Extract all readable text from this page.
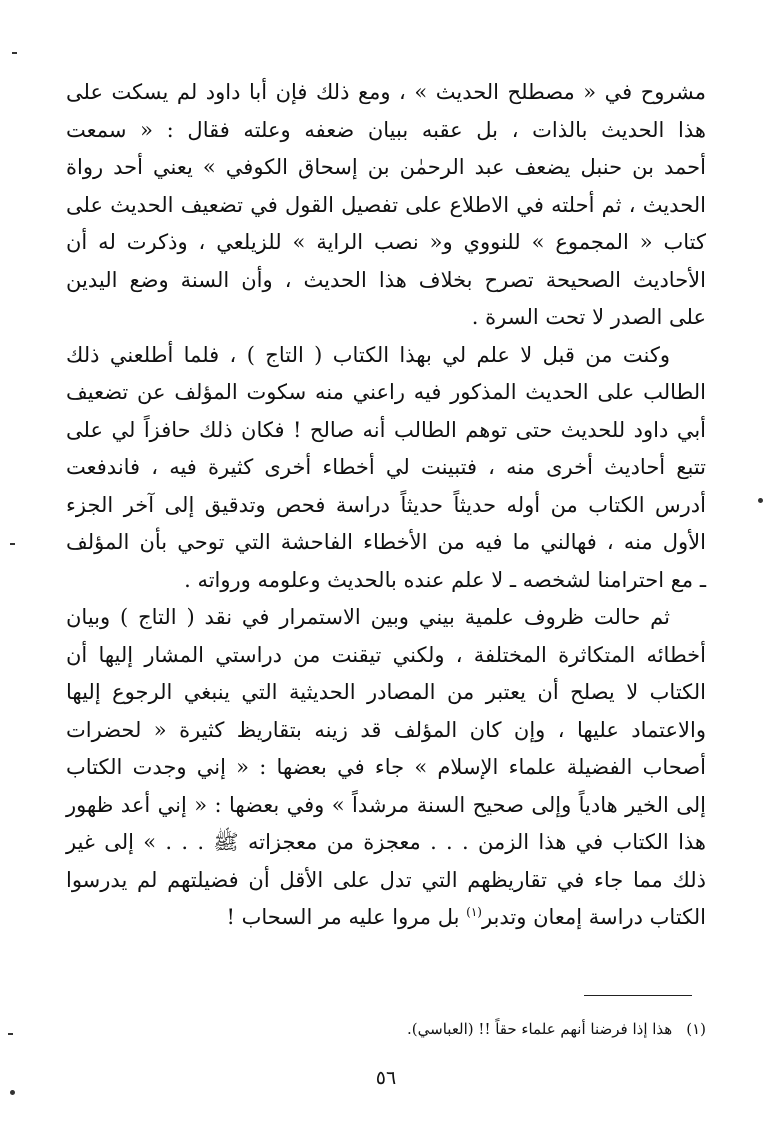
مشروح في « مصطلح الحديث » ، ومع ذلك فإن أبا داود لم يسكت على
هذا الحديث بالذات ، بل عقبه ببيان ضعفه وعلته فقال : « سمعت
أحمد بن حنبل يضعف عبد الرحمٰن بن إسحاق الكوفي » يعني أحد رواة
الحديث ، ثم أحلته في الاطلاع على تفصيل القول في تضعيف الحديث على
كتاب « المجموع » للنووي و« نصب الراية » للزيلعي ، وذكرت له أن
الأحاديث الصحيحة تصرح بخلاف هذا الحديث ، وأن السنة وضع اليدين
على الصدر لا تحت السرة .
وكنت من قبل لا علم لي بهذا الكتاب ( التاج ) ، فلما أطلعني ذلك
الطالب على الحديث المذكور فيه راعني منه سكوت المؤلف عن تضعيف
أبي داود للحديث حتى توهم الطالب أنه صالح ! فكان ذلك حافزاً لي على
تتبع أحاديث أخرى منه ، فتبينت لي أخطاء أخرى كثيرة فيه ، فاندفعت
أدرس الكتاب من أوله حديثاً حديثاً دراسة فحص وتدقيق إلى آخر الجزء
الأول منه ، فهالني ما فيه من الأخطاء الفاحشة التي توحي بأن المؤلف
ـ مع احترامنا لشخصه ـ لا علم عنده بالحديث وعلومه ورواته .
ثم حالت ظروف علمية بيني وبين الاستمرار في نقد ( التاج ) وبيان
أخطائه المتكاثرة المختلفة ، ولكني تيقنت من دراستي المشار إليها أن
الكتاب لا يصلح أن يعتبر من المصادر الحديثية التي ينبغي الرجوع إليها
والاعتماد عليها ، وإن كان المؤلف قد زينه بتقاريظ كثيرة « لحضرات
أصحاب الفضيلة علماء الإسلام » جاء في بعضها : « إني وجدت الكتاب
إلى الخير هادياً وإلى صحيح السنة مرشداً » وفي بعضها : « إني أعد ظهور
هذا الكتاب في هذا الزمن . . . معجزة من معجزاته ﷺ . . . » إلى غير
ذلك مما جاء في تقاريظهم التي تدل على الأقل أن فضيلتهم لم يدرسوا
الكتاب دراسة إمعان وتدبر$^{(١)}$ بل مروا عليه مر السحاب !
(١)هذا إذا فرضنا أنهم علماء حقاً !! (العباسي).
٥٦
